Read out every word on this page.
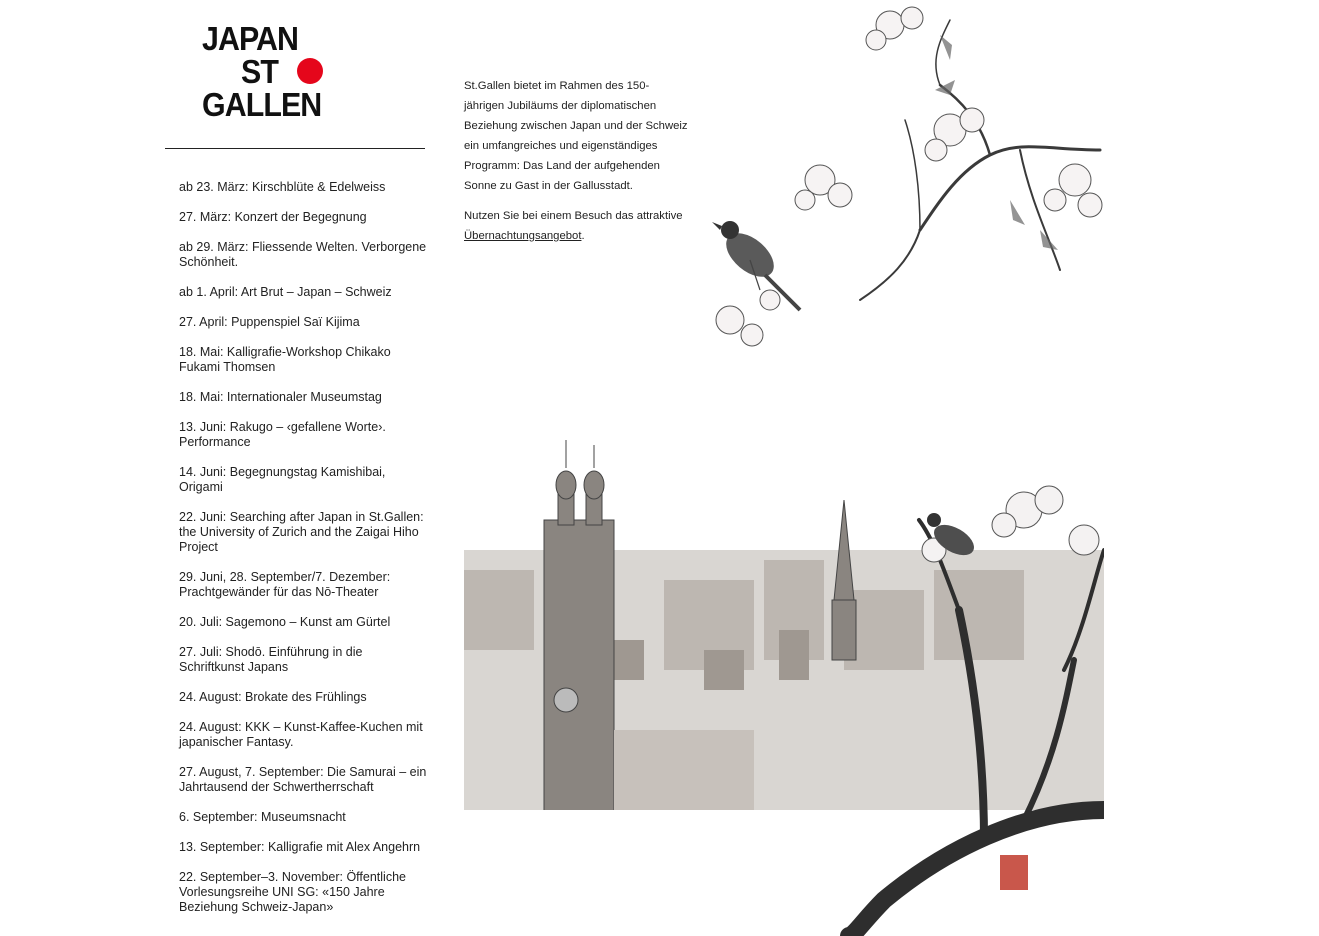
JAPAN
ST
GALLEN
ab 23. März: Kirschblüte & Edelweiss
27. März: Konzert der Begegnung
ab 29. März: Fliessende Welten. Verborgene Schönheit.
ab 1. April: Art Brut – Japan – Schweiz
27. April: Puppenspiel Saï Kijima
18. Mai: Kalligrafie-Workshop Chikako Fukami Thomsen
18. Mai: Internationaler Museumstag
13. Juni: Rakugo – ‹gefallene Worte›. Performance
14. Juni: Begegnungstag Kamishibai, Origami
22. Juni: Searching after Japan in St.Gallen: the University of Zurich and the Zaigai Hiho Project
29. Juni, 28. September/7. Dezember: Prachtgewänder für das Nō-Theater
20. Juli: Sagemono – Kunst am Gürtel
27. Juli: Shodō. Einführung in die Schriftkunst Japans
24. August: Brokate des Frühlings
24. August: KKK – Kunst-Kaffee-Kuchen mit japanischer Fantasy.
27. August, 7. September: Die Samurai – ein Jahrtausend der Schwertherrschaft
6. September: Museumsnacht
13. September: Kalligrafie mit Alex Angehrn
22. September–3. November: Öffentliche Vorlesungsreihe UNI SG: «150 Jahre Beziehung Schweiz-Japan»

St.Gallen bietet im Rahmen des 150-jährigen Jubiläums der diplomatischen Beziehung zwischen Japan und der Schweiz ein umfangreiches und eigenständiges Programm: Das Land der aufgehenden Sonne zu Gast in der Gallusstadt.

Nutzen Sie bei einem Besuch das attraktive Übernachtungsangebot.
